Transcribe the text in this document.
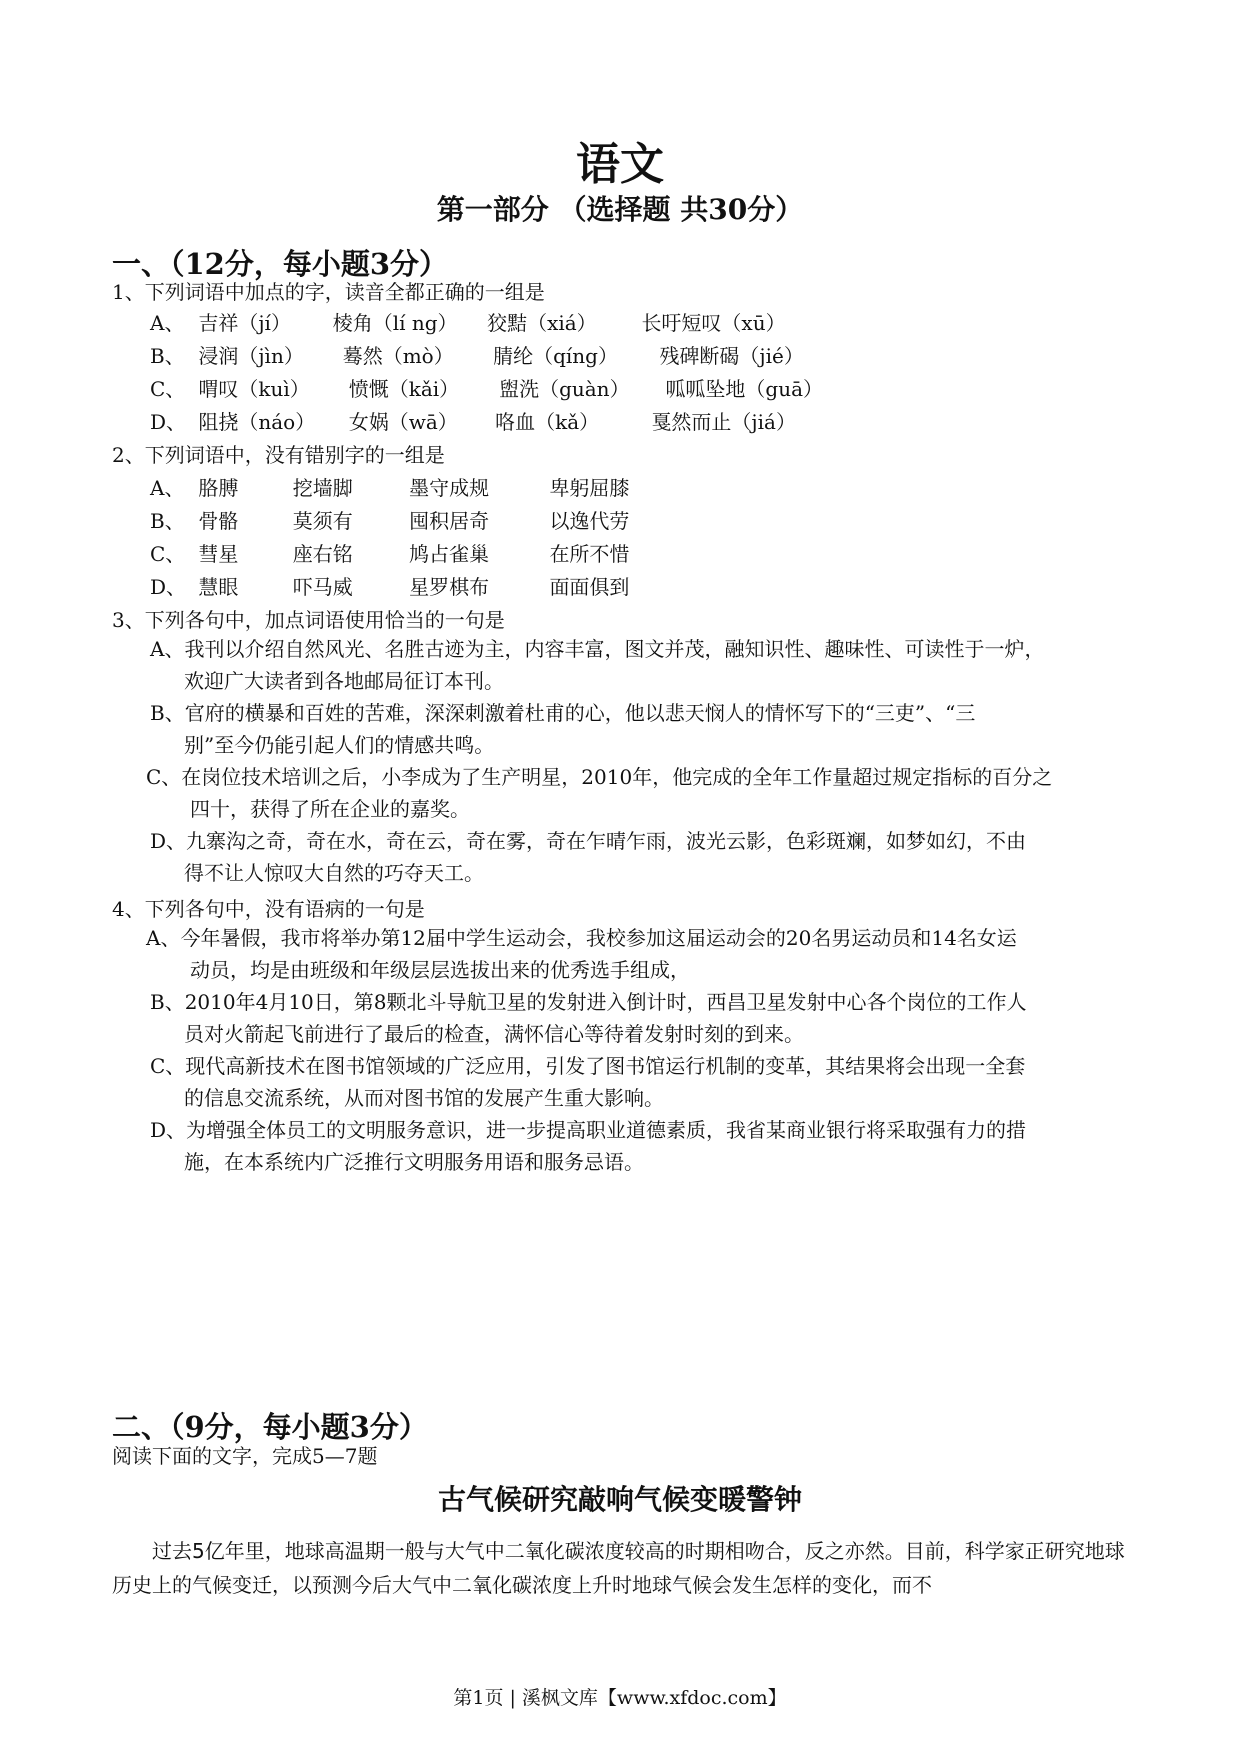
语文
第一部分 （选择题 共30分）
一、（12分，每小题3分）
1、下列词语中加点的字，读音全都正确的一组是
A、 吉祥（jí） 棱角（lí ng） 狡黠（xiá） 长吁短叹（xū）
B、 浸润（jìn） 蓦然（mò） 腈纶（qíng） 残碑断碣（jié）
C、 喟叹（kuì） 愤慨（kǎi） 盥洗（guàn） 呱呱坠地（guā）
D、 阻挠（náo） 女娲（wā） 咯血（kǎ）	戛然而止（jiá）
2、下列词语中，没有错别字的一组是
A、 胳膊	挖墙脚	墨守成规	卑躬屈膝
B、 骨骼	莫须有	囤积居奇	以逸代劳
C、 彗星	座右铭	鸠占雀巢	在所不惜
D、 慧眼	吓马威	星罗棋布	面面俱到
3、下列各句中，加点词语使用恰当的一句是
A、我刊以介绍自然风光、名胜古迹为主，内容丰富，图文并茂，融知识性、趣味性、可读性于一炉，
欢迎广大读者到各地邮局征订本刊。
B、官府的横暴和百姓的苦难，深深刺激着杜甫的心，他以悲天悯人的情怀写下的“三吏”、“三
别”至今仍能引起人们的情感共鸣。
C、在岗位技术培训之后，小李成为了生产明星，2010年，他完成的全年工作量超过规定指标的百分之
四十，获得了所在企业的嘉奖。
D、九寨沟之奇，奇在水，奇在云，奇在雾，奇在乍晴乍雨，波光云影，色彩斑斓，如梦如幻，不由
得不让人惊叹大自然的巧夺天工。
4、下列各句中，没有语病的一句是
A、今年暑假，我市将举办第12届中学生运动会，我校参加这届运动会的20名男运动员和14名女运
动员，均是由班级和年级层层选拔出来的优秀选手组成，
B、2010年4月10日，第8颗北斗导航卫星的发射进入倒计时，西昌卫星发射中心各个岗位的工作人
员对火箭起飞前进行了最后的检查，满怀信心等待着发射时刻的到来。
C、现代高新技术在图书馆领域的广泛应用，引发了图书馆运行机制的变革，其结果将会出现一全套
的信息交流系统，从而对图书馆的发展产生重大影响。
D、为增强全体员工的文明服务意识，进一步提高职业道德素质，我省某商业银行将采取强有力的措
施，在本系统内广泛推行文明服务用语和服务忌语。
二、（9分，每小题3分）
阅读下面的文字，完成5—7题
古气候研究敲响气候变暖警钟
过去5亿年里，地球高温期一般与大气中二氧化碳浓度较高的时期相吻合，反之亦然。目前，科学家正研究地球历史上的气候变迁，以预测今后大气中二氧化碳浓度上升时地球气候会发生怎样的变化，而不
第1页 | 溪枫文库【www.xfdoc.com】
